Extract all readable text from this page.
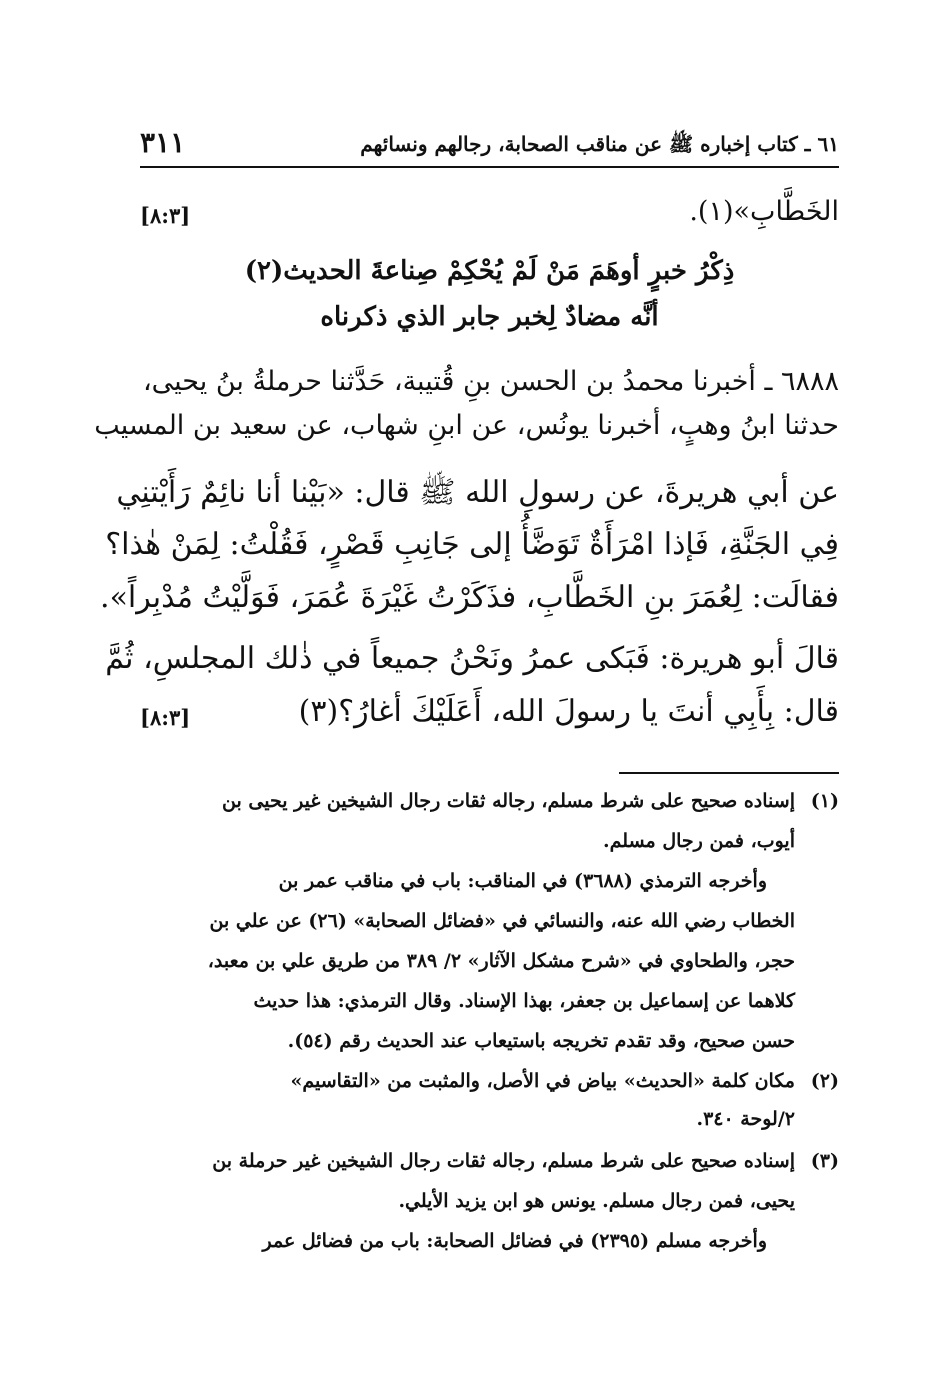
٦١ ـ كتاب إخباره ﷺ عن مناقب الصحابة، رجالهم ونسائهم
٣١١
الخَطَّابِ»(١).
[٨:٣]
ذِكْرُ خبرٍ أوهَمَ مَنْ لَمْ يُحْكِمْ صِناعةَ الحديث(٢)
أنَّه مضادٌ لِخبر جابر الذي ذكرناه
٦٨٨٨ ـ أخبرنا محمدُ بن الحسن بنِ قُتيبة، حَدَّثنا حرملةُ بنُ يحيى،
حدثنا ابنُ وهبٍ، أخبرنا يونُس، عن ابنِ شهاب، عن سعيد بن المسيب
عن أبي هريرةَ، عن رسولِ الله ﷺ قال: «بَيْنا أنا نائِمٌ رَأَيْتنِي
فِي الجَنَّةِ، فَإذا امْرَأَةٌ تَوَضَّأُ إلى جَانِبِ قَصْرٍ، فَقُلْتُ: لِمَنْ هٰذا؟
فقالَت: لِعُمَرَ بنِ الخَطَّابِ، فذَكَرْتُ غَيْرَةَ عُمَرَ، فَوَلَّيْتُ مُدْبِراً».
قالَ أبو هريرة: فَبَكى عمرُ ونَحْنُ جميعاً في ذٰلك المجلسِ، ثُمَّ
قال: بِأَبِي أنتَ يا رسولَ الله، أَعَلَيْكَ أغارُ؟(٣)
[٨:٣]
(١)إسناده صحيح على شرط مسلم، رجاله ثقات رجال الشيخين غير يحيى بن
أيوب، فمن رجال مسلم.
وأخرجه الترمذي (٣٦٨٨) في المناقب: باب في مناقب عمر بن
الخطاب رضي الله عنه، والنسائي في «فضائل الصحابة» (٢٦) عن علي بن
حجر، والطحاوي في «شرح مشكل الآثار» ٢/ ٣٨٩ من طريق علي بن معبد،
كلاهما عن إسماعيل بن جعفر، بهذا الإسناد. وقال الترمذي: هذا حديث
حسن صحيح، وقد تقدم تخريجه باستيعاب عند الحديث رقم (٥٤).
(٢)مكان كلمة «الحديث» بياض في الأصل، والمثبت من «التقاسيم»
٢/لوحة ٣٤٠.
(٣)إسناده صحيح على شرط مسلم، رجاله ثقات رجال الشيخين غير حرملة بن
يحيى، فمن رجال مسلم. يونس هو ابن يزيد الأيلي.
وأخرجه مسلم (٢٣٩٥) في فضائل الصحابة: باب من فضائل عمر
